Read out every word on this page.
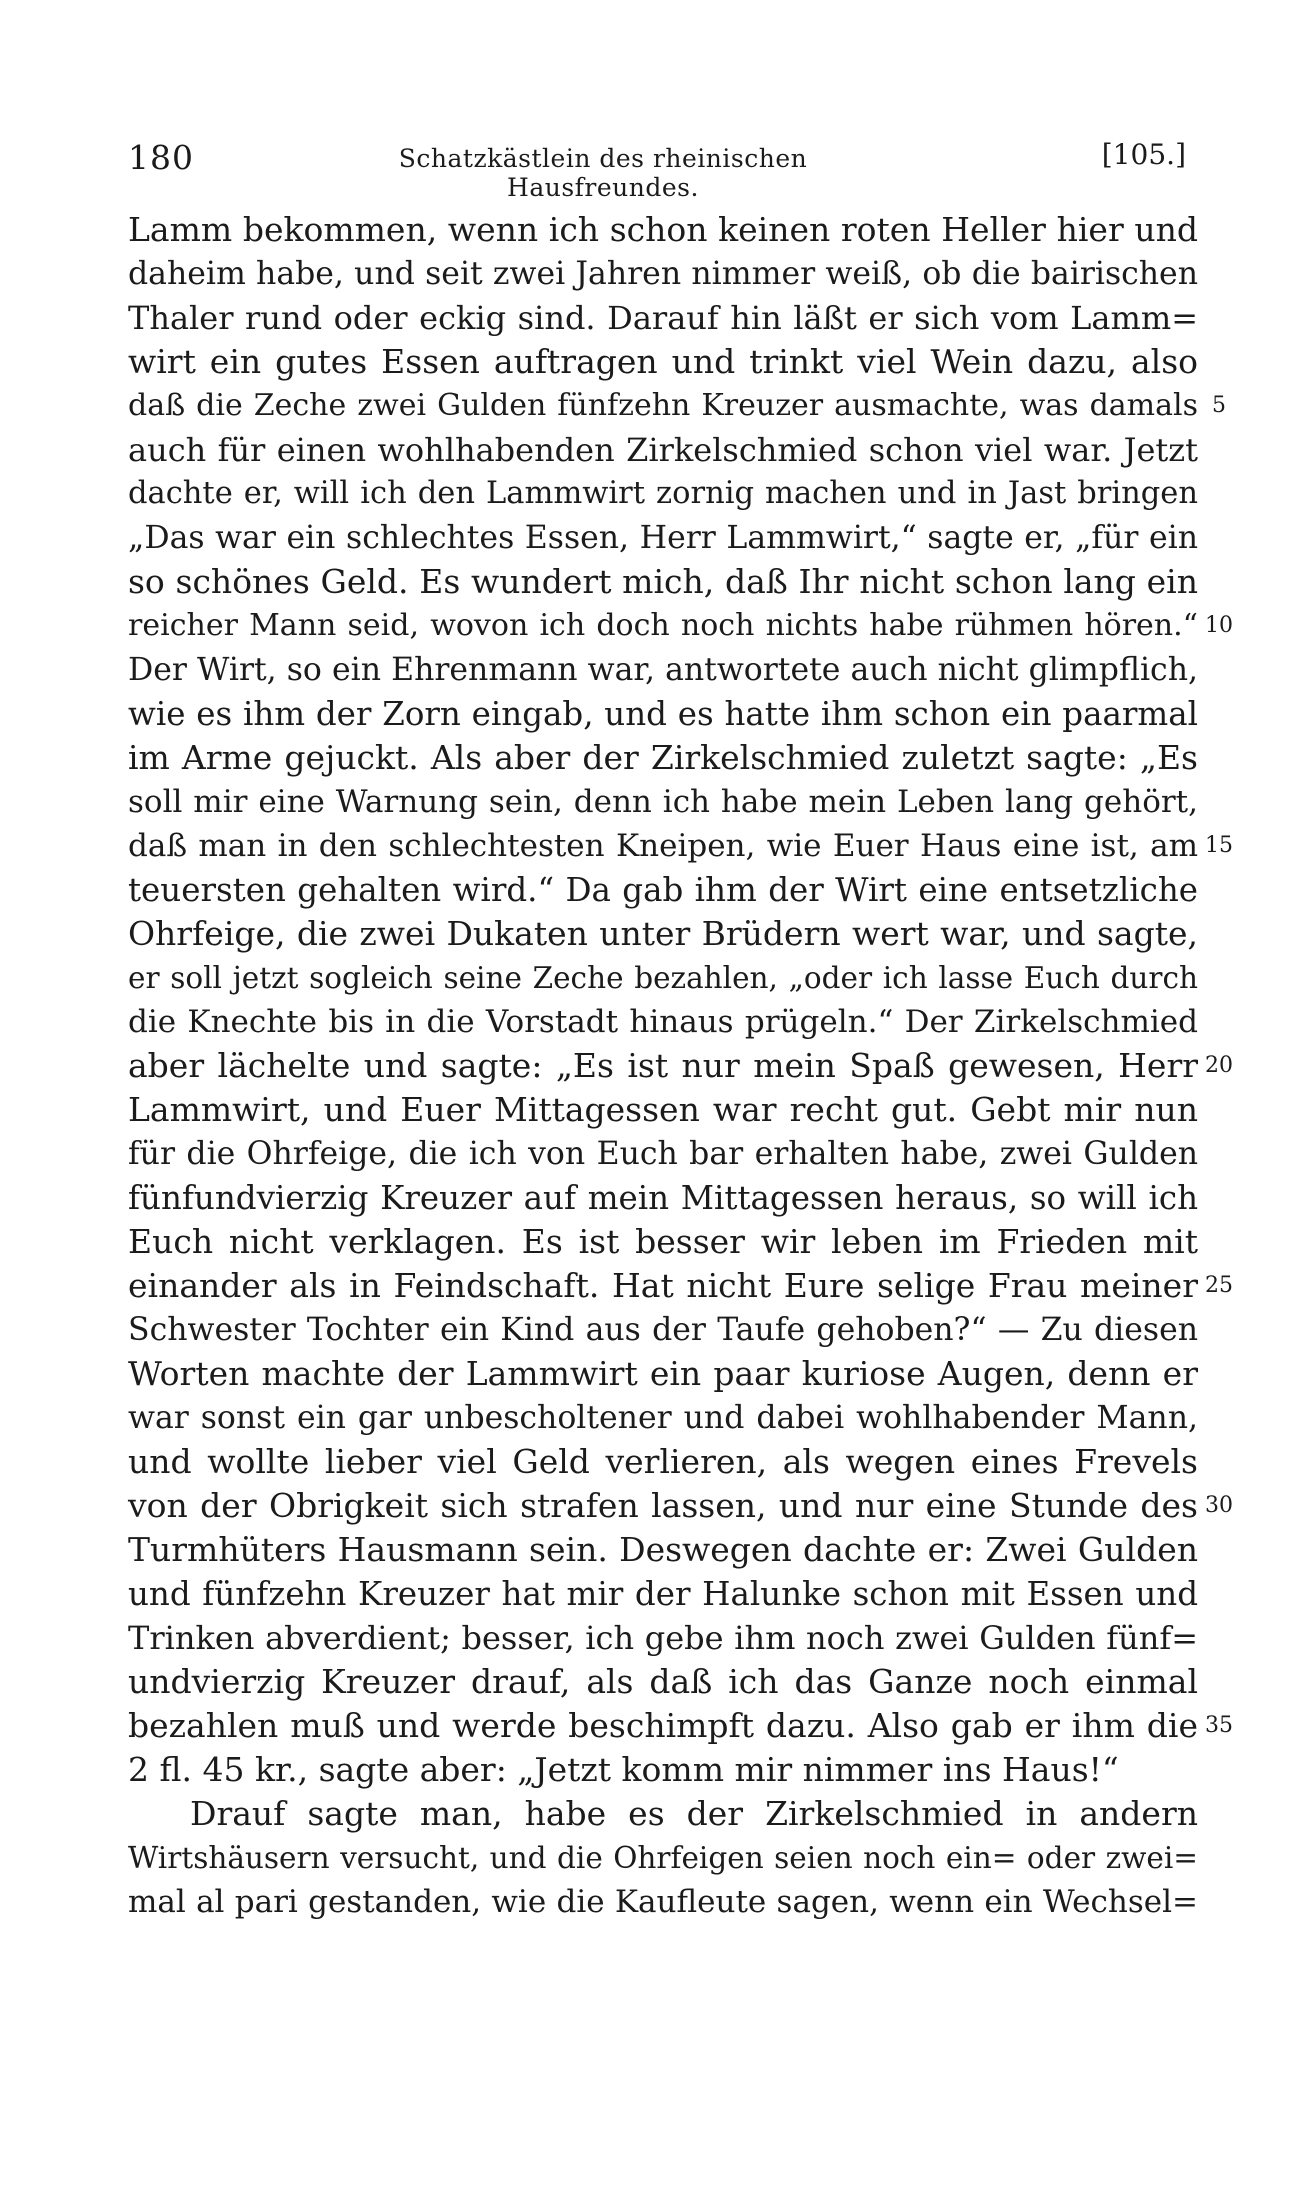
180	Schatzkästlein des rheinischen Hausfreundes.
[105.]
Lamm bekommen, wenn ich schon keinen roten Heller hier und
daheim habe, und seit zwei Jahren nimmer weiß, ob die bairischen
Thaler rund oder eckig sind. Darauf hin läßt er sich vom Lamm=
wirt ein gutes Essen auftragen und trinkt viel Wein dazu, also
daß die Zeche zwei Gulden fünfzehn Kreuzer ausmachte, was damals
auch für einen wohlhabenden Zirkelschmied schon viel war. Jetzt
dachte er, will ich den Lammwirt zornig machen und in Jast bringen
„Das war ein schlechtes Essen, Herr Lammwirt,“ sagte er, „für ein
so schönes Geld. Es wundert mich, daß Ihr nicht schon lang ein
reicher Mann seid, wovon ich doch noch nichts habe rühmen hören.“
Der Wirt, so ein Ehrenmann war, antwortete auch nicht glimpflich,
wie es ihm der Zorn eingab, und es hatte ihm schon ein paarmal
im Arme gejuckt. Als aber der Zirkelschmied zuletzt sagte: „Es
soll mir eine Warnung sein, denn ich habe mein Leben lang gehört,
daß man in den schlechtesten Kneipen, wie Euer Haus eine ist, am
teuersten gehalten wird.“ Da gab ihm der Wirt eine entsetzliche
Ohrfeige, die zwei Dukaten unter Brüdern wert war, und sagte,
er soll jetzt sogleich seine Zeche bezahlen, „oder ich lasse Euch durch
die Knechte bis in die Vorstadt hinaus prügeln.“ Der Zirkelschmied
aber lächelte und sagte: „Es ist nur mein Spaß gewesen, Herr
Lammwirt, und Euer Mittagessen war recht gut. Gebt mir nun
für die Ohrfeige, die ich von Euch bar erhalten habe, zwei Gulden
fünfundvierzig Kreuzer auf mein Mittagessen heraus, so will ich
Euch nicht verklagen. Es ist besser wir leben im Frieden mit
einander als in Feindschaft. Hat nicht Eure selige Frau meiner
Schwester Tochter ein Kind aus der Taufe gehoben?“ — Zu diesen
Worten machte der Lammwirt ein paar kuriose Augen, denn er
war sonst ein gar unbescholtener und dabei wohlhabender Mann,
und wollte lieber viel Geld verlieren, als wegen eines Frevels
von der Obrigkeit sich strafen lassen, und nur eine Stunde des
Turmhüters Hausmann sein. Deswegen dachte er: Zwei Gulden
und fünfzehn Kreuzer hat mir der Halunke schon mit Essen und
Trinken abverdient; besser, ich gebe ihm noch zwei Gulden fünf=
undvierzig Kreuzer drauf, als daß ich das Ganze noch einmal
bezahlen muß und werde beschimpft dazu. Also gab er ihm die
2 fl. 45 kr., sagte aber: „Jetzt komm mir nimmer ins Haus!“
Drauf sagte man, habe es der Zirkelschmied in andern
Wirtshäusern versucht, und die Ohrfeigen seien noch ein= oder zwei=
mal al pari gestanden, wie die Kaufleute sagen, wenn ein Wechsel=
5
10
15
20
25
30
35
